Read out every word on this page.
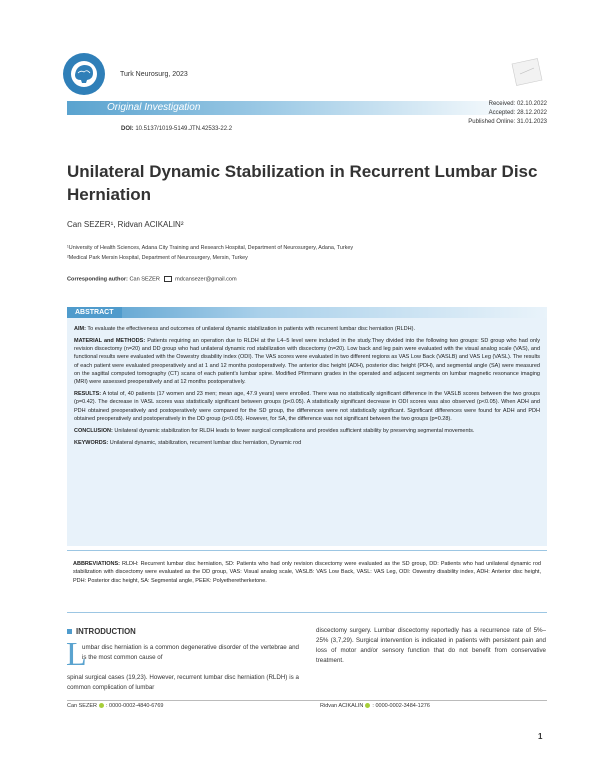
Turk Neurosurg, 2023
Original Investigation	Received: 02.10.2022
Accepted: 28.12.2022
Published Online: 31.01.2023
DOI: 10.5137/1019-5149.JTN.42533-22.2
Unilateral Dynamic Stabilization in Recurrent Lumbar Disc Herniation
Can SEZER¹, Ridvan ACIKALIN²
¹University of Health Sciences, Adana City Training and Research Hospital, Department of Neurosurgery, Adana, Turkey
²Medical Park Mersin Hospital, Department of Neurosurgery, Mersin, Turkey
Corresponding author: Can SEZER	mdcansezer@gmail.com
ABSTRACT

AIM: To evaluate the effectiveness and outcomes of unilateral dynamic stabilization in patients with recurrent lumbar disc herniation (RLDH).

MATERIAL and METHODS: Patients requiring an operation due to RLDH at the L4–5 level were included in the study.They divided into the following two groups: SD group who had only revision discectomy (n=20) and DD group who had unilateral dynamic rod stabilization with discectomy (n=20). Low back and leg pain were evaluated with the visual analog scale (VAS), and functional results were evaluated with the Oswestry disability index (ODI). The VAS scores were evaluated in two different regions as VAS Low Back (VASLB) and VAS Leg (VASL). The results of each patient were evaluated preoperatively and at 1 and 12 months postoperatively. The anterior disc height (ADH), posterior disc height (PDH), and segmental angle (SA) were measured on the sagittal computed tomography (CT) scans of each patient’s lumbar spine. Modified Pfirrmann grades in the operated and adjacent segments on lumbar magnetic resonance imaging (MRI) were assessed preoperatively and at 12 months postoperatively.

RESULTS: A total of, 40 patients (17 women and 23 men; mean age, 47.9 years) were enrolled. There was no statistically significant difference in the VASLB scores between the two groups (p=0.42). The decrease in VASL scores was statistically significant between groups (p<0.05). A statistically significant decrease in ODI scores was also observed (p<0.05). When ADH and PDH obtained preoperatively and postoperatively were compared for the SD group, the differences were not statistically significant. Significant differences were found for ADH and PDH obtained preoperatively and postoperatively in the DD group (p<0.05). However, for SA, the difference was not significant between the two groups (p=0.28).

CONCLUSION: Unilateral dynamic stabilization for RLDH leads to fewer surgical complications and provides sufficient stability by preserving segmental movements.

KEYWORDS: Unilateral dynamic, stabilization, recurrent lumbar disc herniation, Dynamic rod

ABBREVIATIONS: RLDH: Recurrent lumbar disc herniation, SD: Patients who had only revision discectomy were evaluated as the SD group, DD: Patients who had unilateral dynamic rod stabilization with discectomy were evaluated as the DD group, VAS: Visual analog scale, VASLB: VAS Low Back, VASL: VAS Leg, ODI: Oswestry disability index, ADH: Anterior disc height, PDH: Posterior disc height, SA: Segmental angle, PEEK: Polyetheretherketone.
INTRODUCTION
L
umbar disc herniation is a common degenerative disorder of the vertebrae and is the most common cause of
spinal surgical cases (19,23). However, recurrent lumbar disc herniation (RLDH) is a common complication of lumbar
discectomy surgery. Lumbar discectomy reportedly has a recurrence rate of 5%–25% (3,7,29). Surgical intervention is indicated in patients with persistent pain and loss of motor and/or sensory function that do not benefit from conservative treatment.
Can SEZER : 0000-0002-4840-6769	Ridvan ACIKALIN : 0000-0002-3484-1276
1
